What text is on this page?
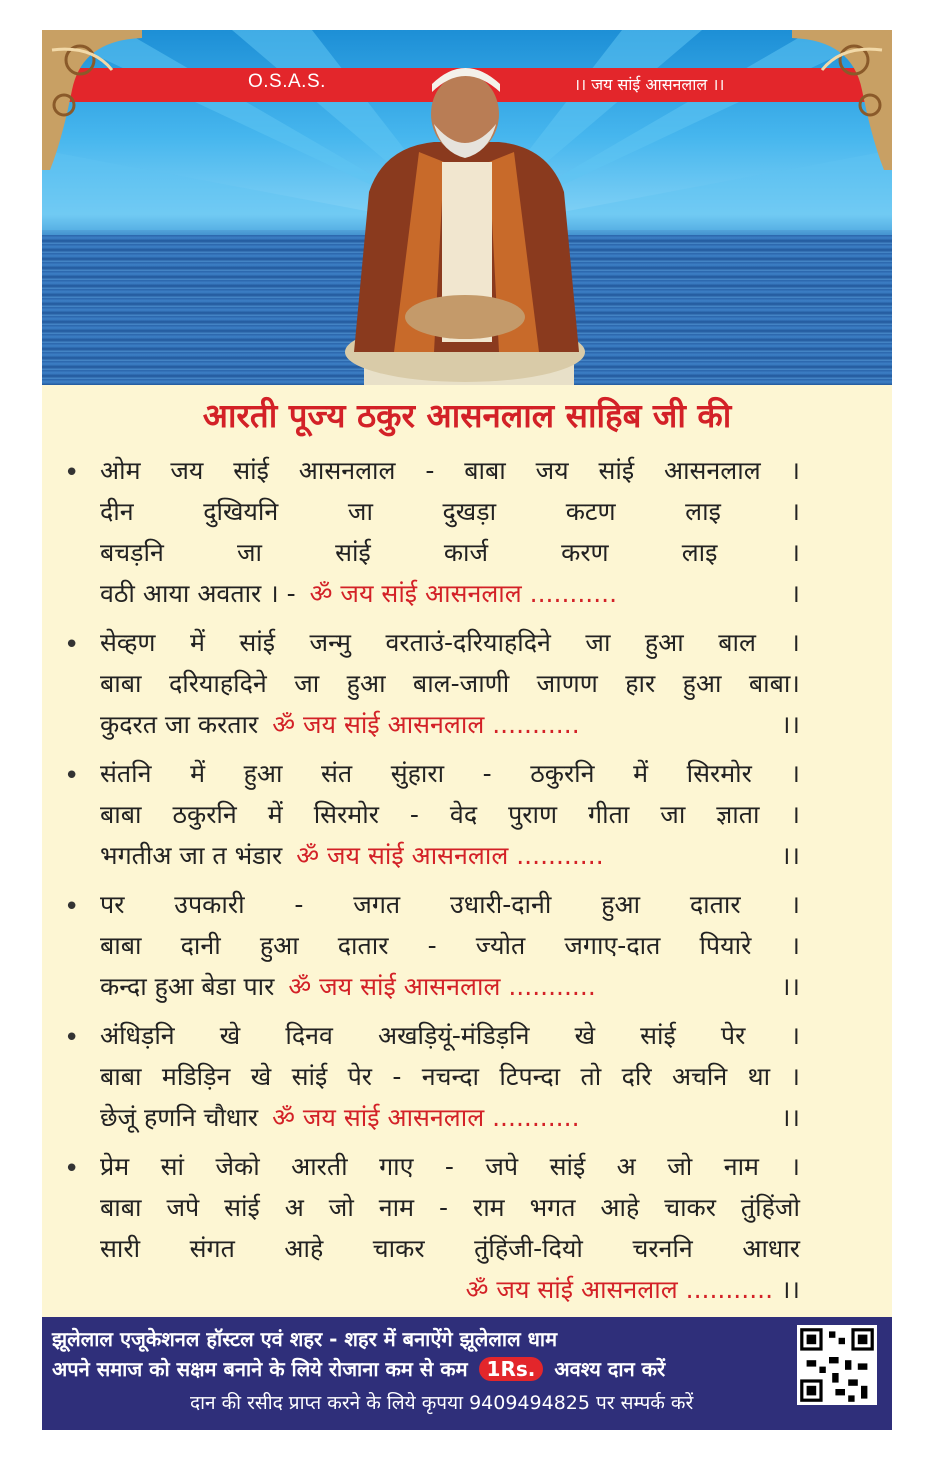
O.S.A.S.	।। जय सांई आसनलाल ।।
आरती पूज्य ठकुर आसनलाल साहिब जी की
• ओम जय सांई आसनलाल - बाबा जय सांई आसनलाल ।
दीन	दुखियनि	जा	दुखड़ा	कटण	लाइ	।
बचड़नि	जा	सांई	कार्ज	करण	लाइ	।
वठी आया अवतार । - ॐ जय सांई आसनलाल ...........	।
• सेव्हण में सांई जन्मु वरताउं-दरियाहदिने जा हुआ बाल ।
बाबा दरियाहदिने जा हुआ बाल-जाणी जाणण हार हुआ बाबा।
कुदरत जा करतार ॐ जय सांई आसनलाल ...........	।।
• संतनि में हुआ संत सुंहारा - ठकुरनि में सिरमोर ।
बाबा ठकुरनि में सिरमोर - वेद पुराण गीता जा ज्ञाता ।
भगतीअ जा त भंडार ॐ जय सांई आसनलाल ...........	।।
• पर उपकारी - जगत उधारी-दानी हुआ दातार ।
बाबा दानी हुआ दातार - ज्योत जगाए-दात पियारे ।
कन्दा हुआ बेडा पार ॐ जय सांई आसनलाल ...........	।।
• अंधिड़नि खे दिनव अखड़ियूं-मंडिड़नि खे सांई पेर ।
बाबा मडिड़िन खे सांई पेर - नचन्दा टिपन्दा तो दरि अचनि था ।
छेजूं हणनि चौधार ॐ जय सांई आसनलाल ...........	।।
• प्रेम सां जेको आरती गाए - जपे सांई अ जो नाम ।
बाबा जपे सांई अ जो नाम - राम भगत आहे चाकर तुंहिंजो
सारी संगत आहे चाकर तुंहिंजी-दियो चरननि आधार
ॐ जय सांई आसनलाल ........... ।।
झूलेलाल एजूकेशनल हॉस्टल एवं शहर - शहर में बनाऐंगे झूलेलाल धाम
अपने समाज को सक्षम बनाने के लिये रोजाना कम से कम 1Rs. अवश्य दान करें
दान की रसीद प्राप्त करने के लिये कृपया 9409494825 पर सम्पर्क करें
